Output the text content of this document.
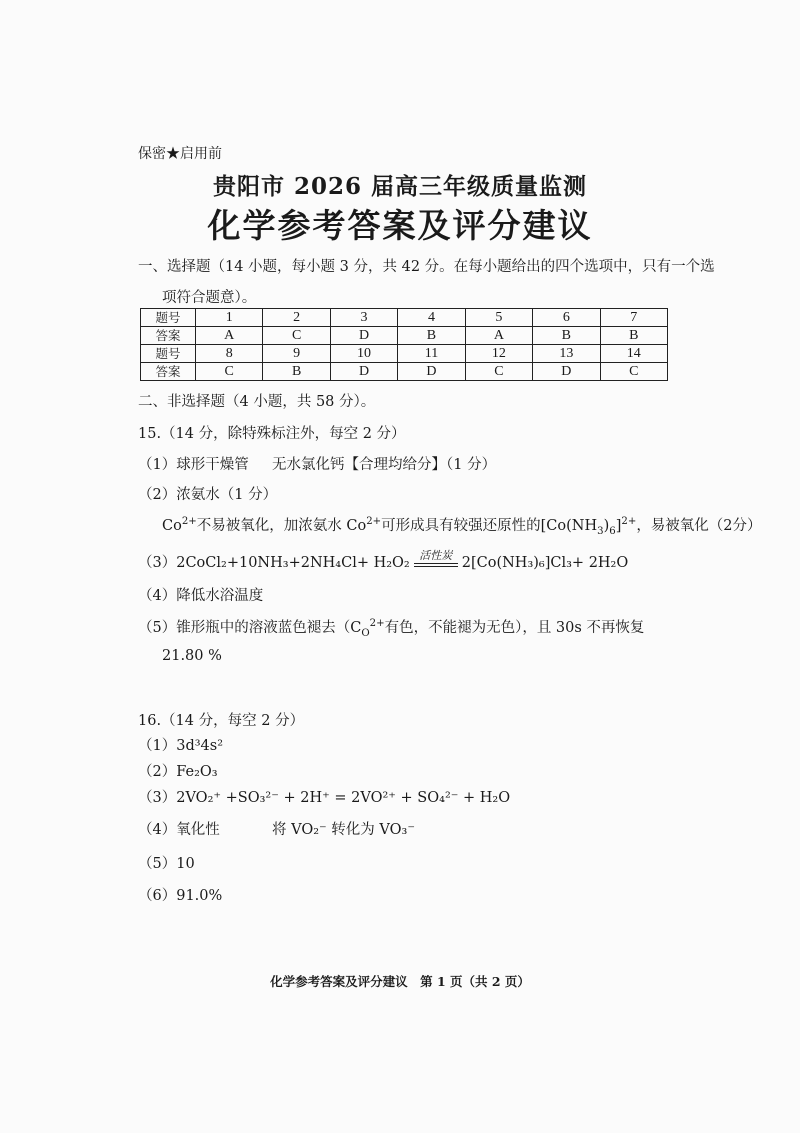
保密★启用前
贵阳市 2026 届高三年级质量监测
化学参考答案及评分建议
一、选择题（14 小题，每小题 3 分，共 42 分。在每小题给出的四个选项中，只有一个选
项符合题意）。
题号	1	2	3	4	5	6	7
答案	A	C	D	B	A	B	B
题号	8	9	10	11	12	13	14
答案	C	B	D	D	C	D	C
二、非选择题（4 小题，共 58 分）。
15.（14 分，除特殊标注外，每空 2 分）
（1）球形干燥管 无水氯化钙【合理均给分】（1 分）
（2）浓氨水（1 分）
$Co^{2+}$不易被氧化，加浓氨水 $Co^{2+}$可形成具有较强还原性的$[Co(NH_3)_6]^{2+}$，易被氧化（2分）
（3）2CoCl₂+10NH₃+2NH₄Cl+ H₂O₂ 活性炭 2[Co(NH₃)₆]Cl₃+ 2H₂O
（4）降低水浴温度
（5）锥形瓶中的溶液蓝色褪去（$C_O^{2+}$有色，不能褪为无色），且 30s 不再恢复
21.80 %
16.（14 分，每空 2 分）
（1）3d³4s²
（2）Fe₂O₃
（3）2VO₂⁺ +SO₃²⁻ + 2H⁺ = 2VO²⁺ + SO₄²⁻ + H₂O
（4）氧化性	将 VO₂⁻ 转化为 VO₃⁻
（5）10
（6）91.0%
化学参考答案及评分建议　第 1 页（共 2 页）
